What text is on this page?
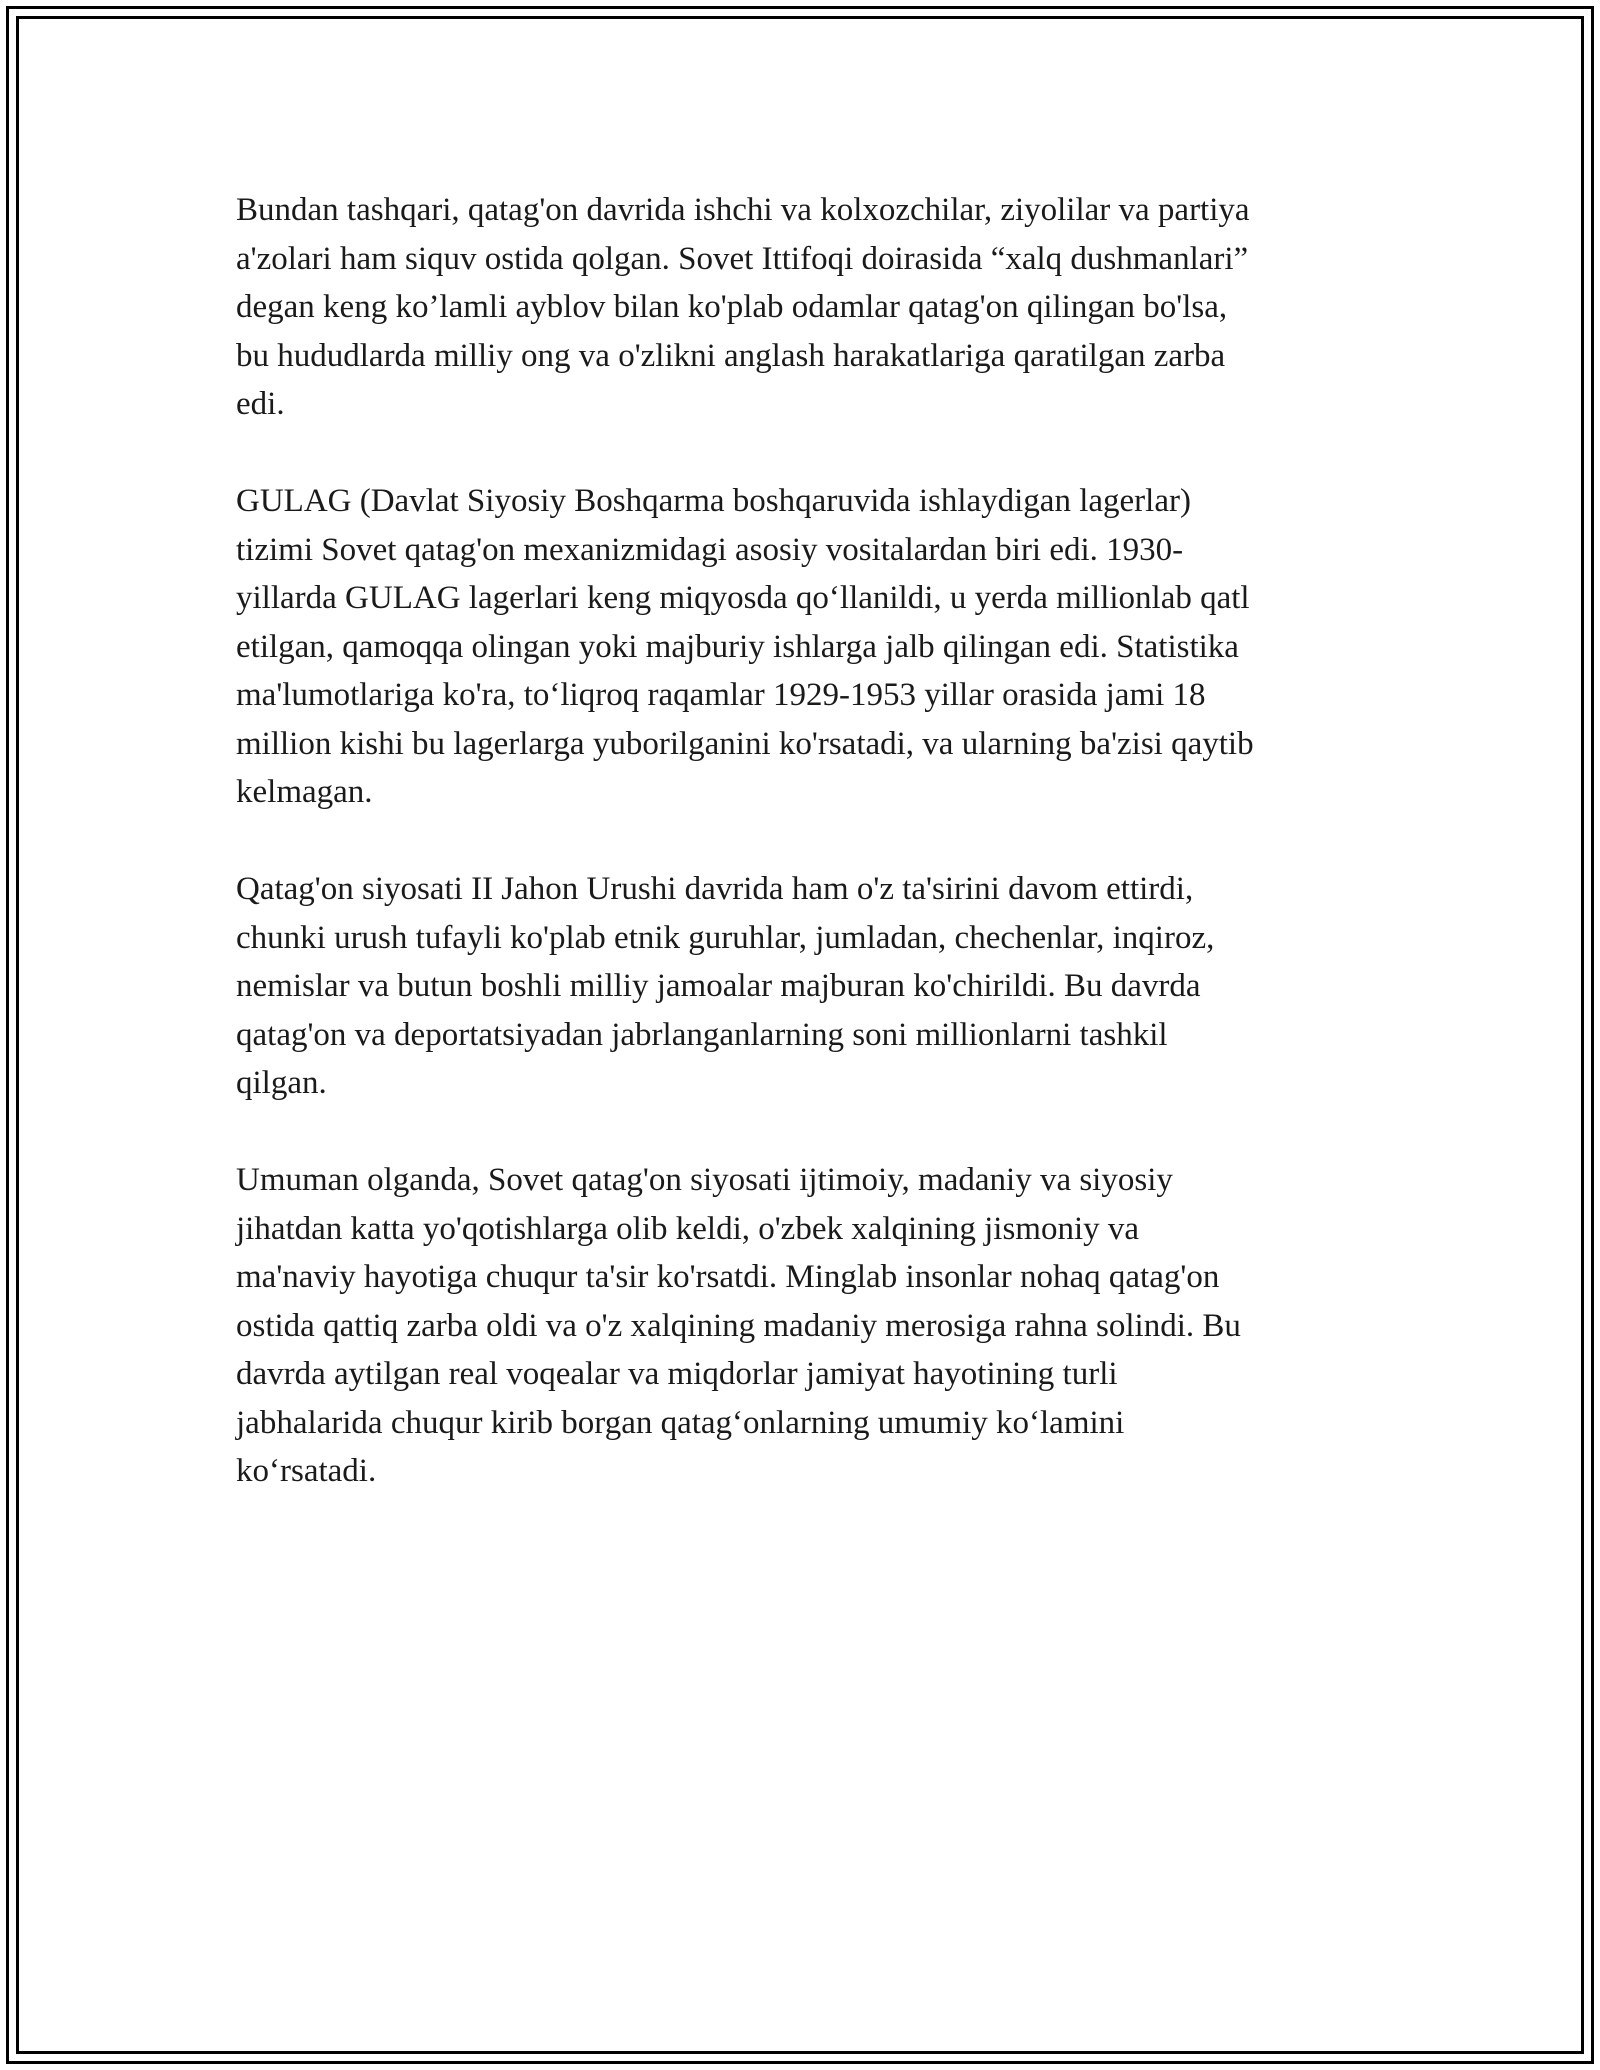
Bundan tashqari, qatag'on davrida ishchi va kolxozchilar, ziyolilar va partiya
a'zolari ham siquv ostida qolgan. Sovet Ittifoqi doirasida “xalq dushmanlari”
degan keng ko’lamli ayblov bilan ko'plab odamlar qatag'on qilingan bo'lsa,
bu hududlarda milliy ong va o'zlikni anglash harakatlariga qaratilgan zarba
edi.

GULAG (Davlat Siyosiy Boshqarma boshqaruvida ishlaydigan lagerlar)
tizimi Sovet qatag'on mexanizmidagi asosiy vositalardan biri edi. 1930-
yillarda GULAG lagerlari keng miqyosda qoʻllanildi, u yerda millionlab qatl
etilgan, qamoqqa olingan yoki majburiy ishlarga jalb qilingan edi. Statistika
ma'lumotlariga ko'ra, toʻliqroq raqamlar 1929-1953 yillar orasida jami 18
million kishi bu lagerlarga yuborilganini ko'rsatadi, va ularning ba'zisi qaytib
kelmagan.

Qatag'on siyosati II Jahon Urushi davrida ham o'z ta'sirini davom ettirdi,
chunki urush tufayli ko'plab etnik guruhlar, jumladan, chechenlar, inqiroz,
nemislar va butun boshli milliy jamoalar majburan ko'chirildi. Bu davrda
qatag'on va deportatsiyadan jabrlanganlarning soni millionlarni tashkil
qilgan.

Umuman olganda, Sovet qatag'on siyosati ijtimoiy, madaniy va siyosiy
jihatdan katta yo'qotishlarga olib keldi, o'zbek xalqining jismoniy va
ma'naviy hayotiga chuqur ta'sir ko'rsatdi. Minglab insonlar nohaq qatag'on
ostida qattiq zarba oldi va o'z xalqining madaniy merosiga rahna solindi. Bu
davrda aytilgan real voqealar va miqdorlar jamiyat hayotining turli
jabhalarida chuqur kirib borgan qatagʻonlarning umumiy koʻlamini
koʻrsatadi.
